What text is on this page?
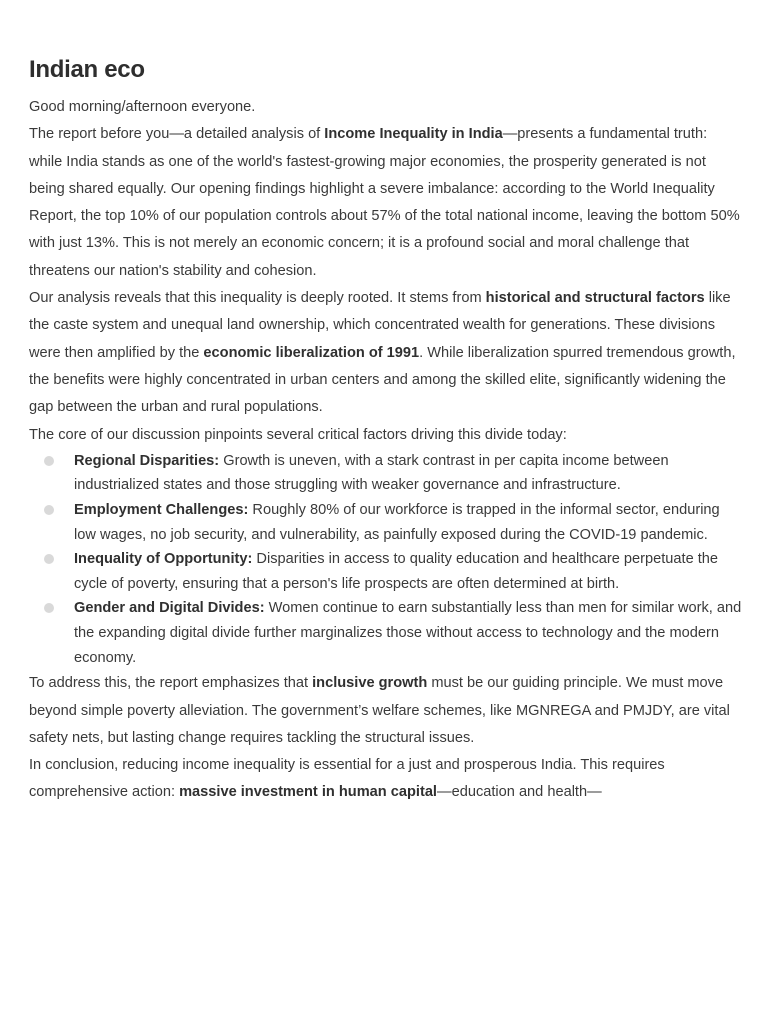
Indian eco

Good morning/afternoon everyone.

The report before you—a detailed analysis of Income Inequality in India—presents a fundamental truth: while India stands as one of the world's fastest-growing major economies, the prosperity generated is not being shared equally. Our opening findings highlight a severe imbalance: according to the World Inequality Report, the top 10% of our population controls about 57% of the total national income, leaving the bottom 50% with just 13%. This is not merely an economic concern; it is a profound social and moral challenge that threatens our nation's stability and cohesion.

Our analysis reveals that this inequality is deeply rooted. It stems from historical and structural factors like the caste system and unequal land ownership, which concentrated wealth for generations. These divisions were then amplified by the economic liberalization of 1991. While liberalization spurred tremendous growth, the benefits were highly concentrated in urban centers and among the skilled elite, significantly widening the gap between the urban and rural populations.

The core of our discussion pinpoints several critical factors driving this divide today:

Regional Disparities: Growth is uneven, with a stark contrast in per capita income between industrialized states and those struggling with weaker governance and infrastructure.
Employment Challenges: Roughly 80% of our workforce is trapped in the informal sector, enduring low wages, no job security, and vulnerability, as painfully exposed during the COVID-19 pandemic.
Inequality of Opportunity: Disparities in access to quality education and healthcare perpetuate the cycle of poverty, ensuring that a person's life prospects are often determined at birth.
Gender and Digital Divides: Women continue to earn substantially less than men for similar work, and the expanding digital divide further marginalizes those without access to technology and the modern economy.

To address this, the report emphasizes that inclusive growth must be our guiding principle. We must move beyond simple poverty alleviation. The government’s welfare schemes, like MGNREGA and PMJDY, are vital safety nets, but lasting change requires tackling the structural issues.

In conclusion, reducing income inequality is essential for a just and prosperous India. This requires comprehensive action: massive investment in human capital—education and health—
